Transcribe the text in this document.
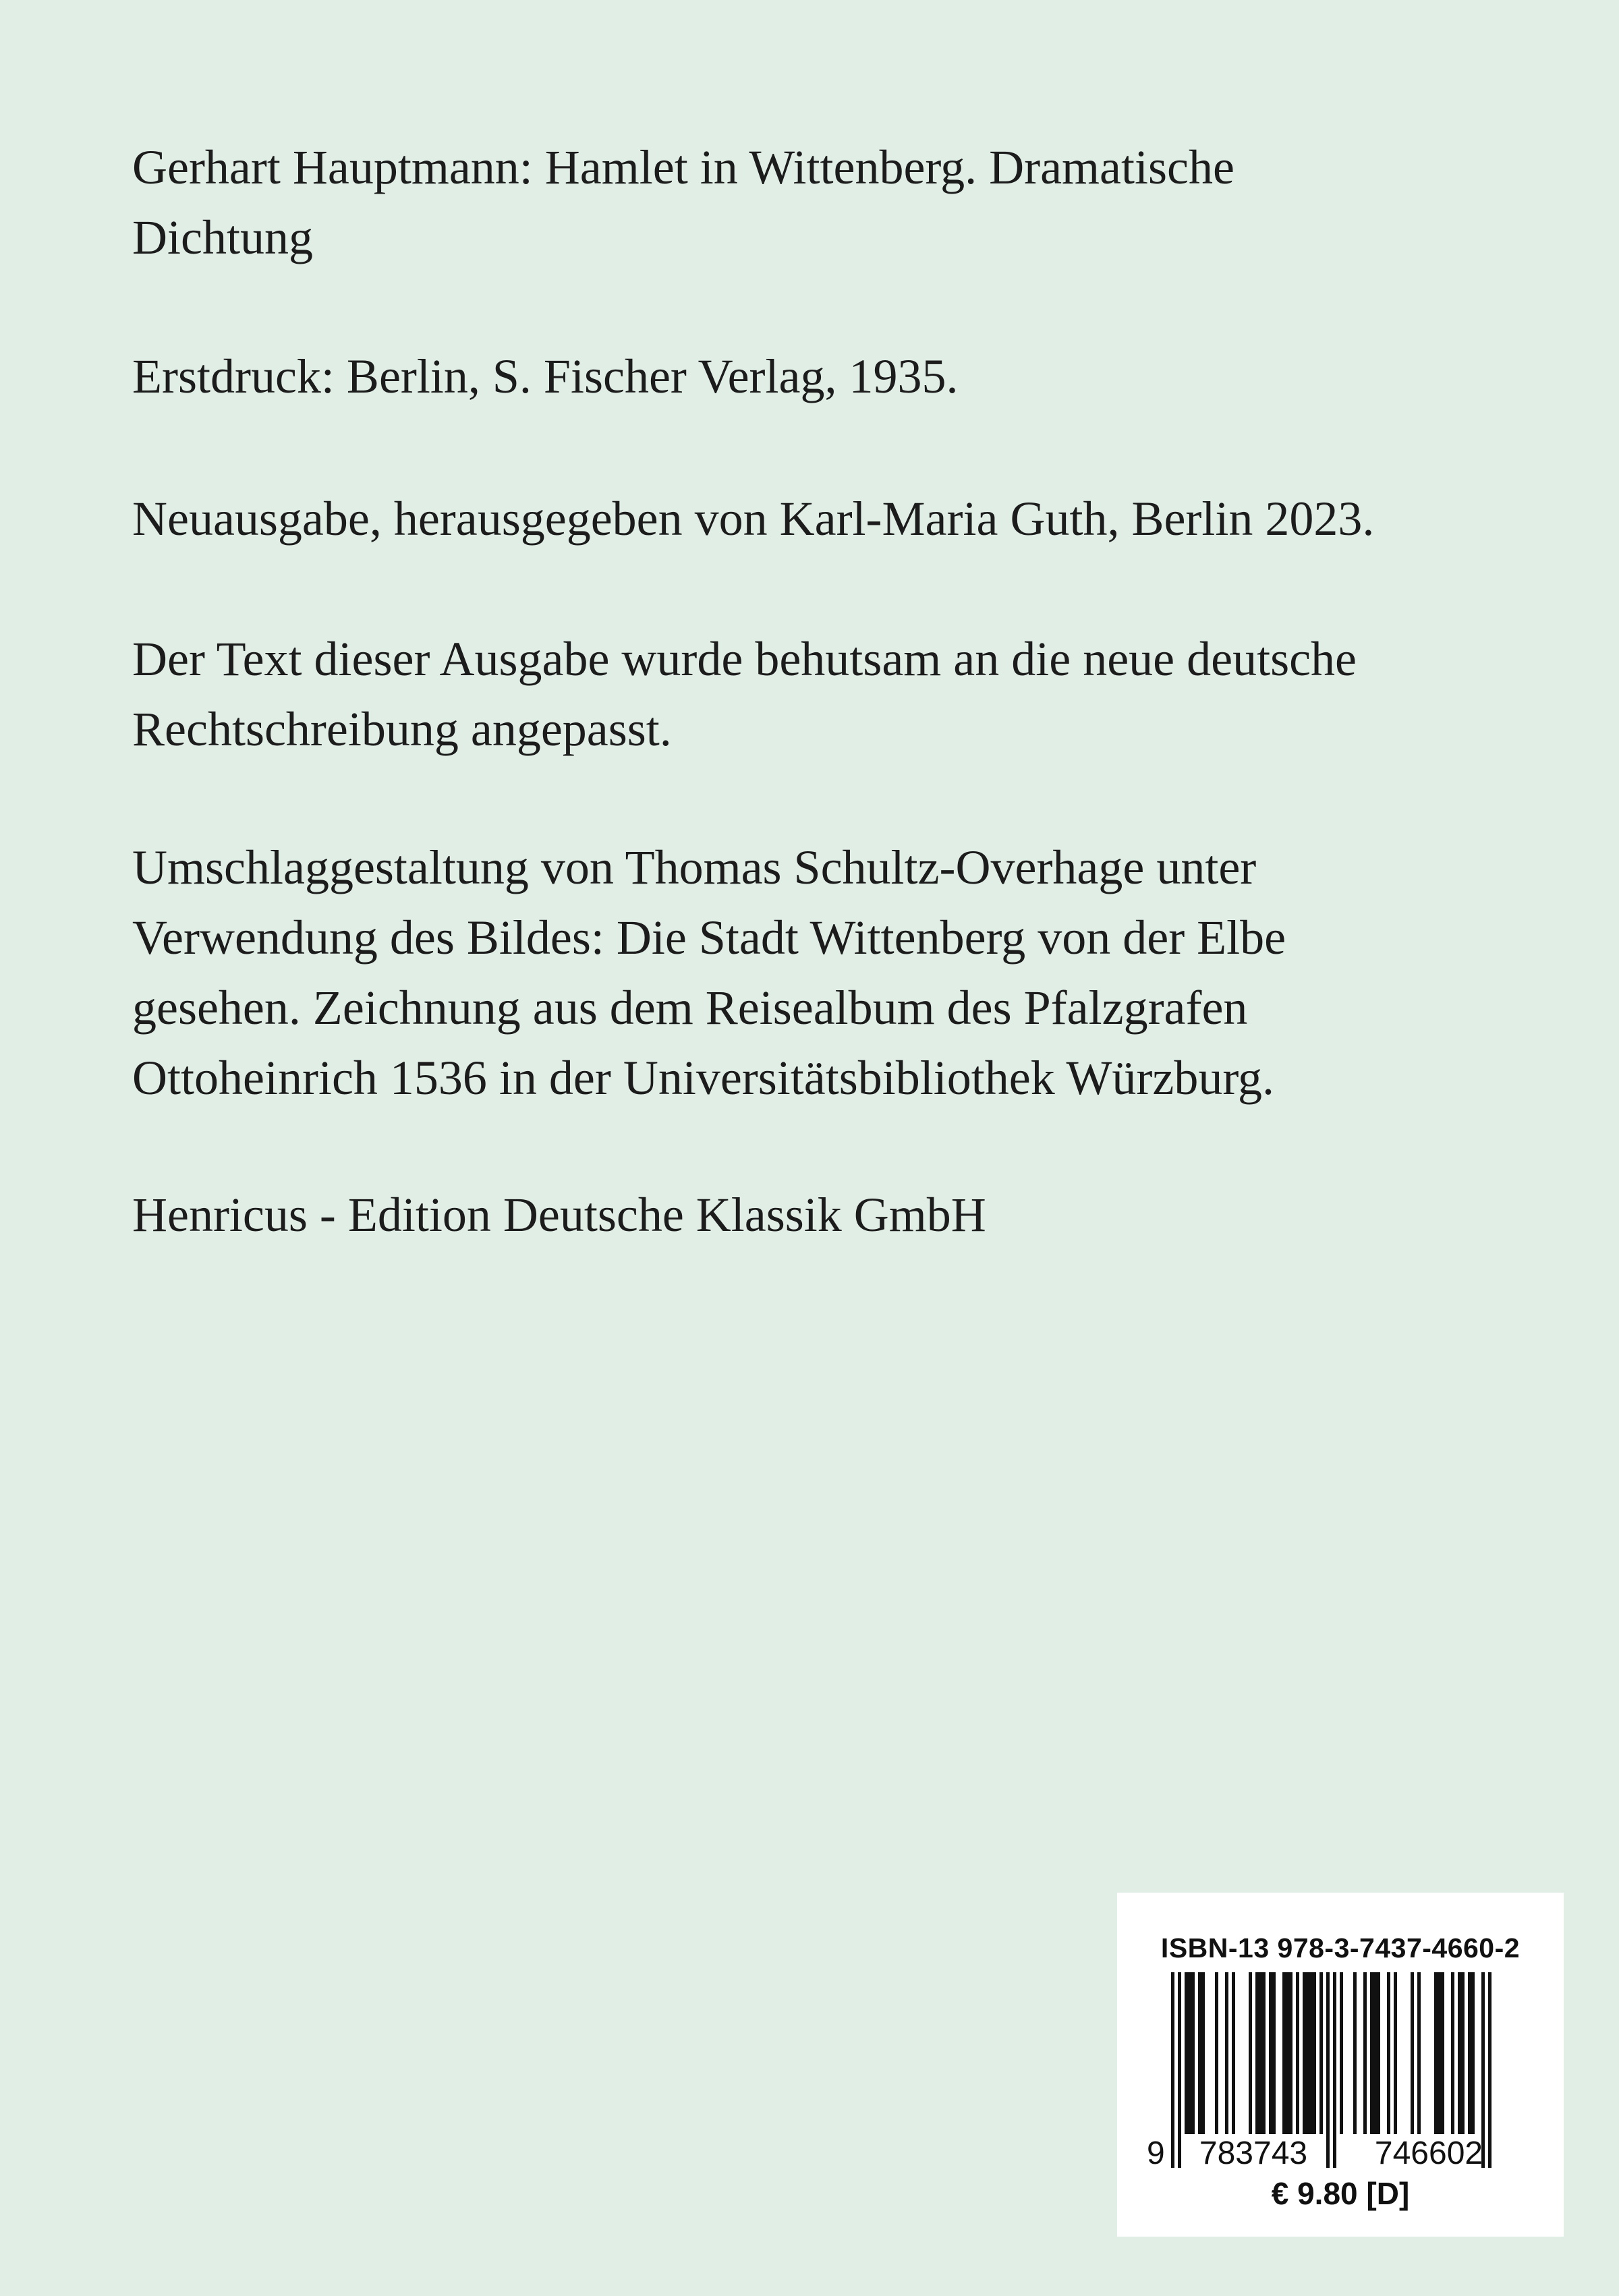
Gerhart Hauptmann: Hamlet in Wittenberg. Dramatische
Dichtung
Erstdruck: Berlin, S. Fischer Verlag, 1935.
Neuausgabe, herausgegeben von Karl-Maria Guth, Berlin 2023.
Der Text dieser Ausgabe wurde behutsam an die neue deutsche
Rechtschreibung angepasst.
Umschlaggestaltung von Thomas Schultz-Overhage unter
Verwendung des Bildes: Die Stadt Wittenberg von der Elbe
gesehen. Zeichnung aus dem Reisealbum des Pfalzgrafen
Ottoheinrich 1536 in der Universitätsbibliothek Würzburg.
Henricus - Edition Deutsche Klassik GmbH
ISBN-13 978-3-7437-4660-2
9 783743 746602
€ 9.80 [D]
